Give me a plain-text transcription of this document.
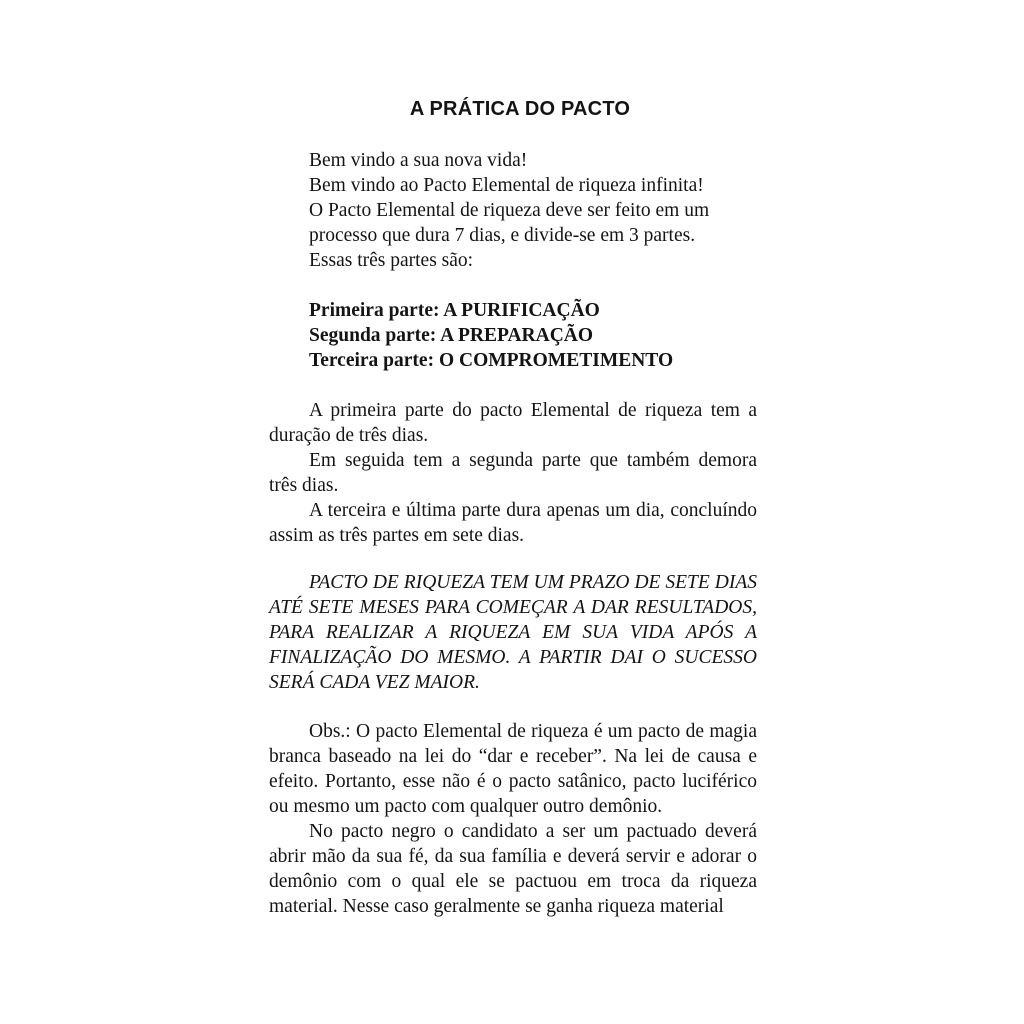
A PRÁTICA DO PACTO

Bem vindo a sua nova vida!

Bem vindo ao Pacto Elemental de riqueza infinita!

O Pacto Elemental de riqueza deve ser feito em um

processo que dura 7 dias, e divide-se em 3 partes.

Essas três partes são:

Primeira parte: A PURIFICAÇÃO

Segunda parte: A PREPARAÇÃO

Terceira parte: O COMPROMETIMENTO

A primeira parte do pacto Elemental de riqueza tem a duração de três dias.

Em seguida tem a segunda parte que também demora três dias.

A terceira e última parte dura apenas um dia, concluíndo assim as três partes em sete dias.

PACTO DE RIQUEZA TEM UM PRAZO DE SETE DIAS ATÉ SETE MESES PARA COMEÇAR A DAR RESULTADOS, PARA REALIZAR A RIQUEZA EM SUA VIDA APÓS A FINALIZAÇÃO DO MESMO. A PARTIR DAI O SUCESSO SERÁ CADA VEZ MAIOR.

Obs.: O pacto Elemental de riqueza é um pacto de magia branca baseado na lei do “dar e receber”. Na lei de causa e efeito. Portanto, esse não é o pacto satânico, pacto luciférico ou mesmo um pacto com qualquer outro demônio.

No pacto negro o candidato a ser um pactuado deverá abrir mão da sua fé, da sua família e deverá servir e adorar o demônio com o qual ele se pactuou em troca da riqueza material. Nesse caso geralmente se ganha riqueza material
